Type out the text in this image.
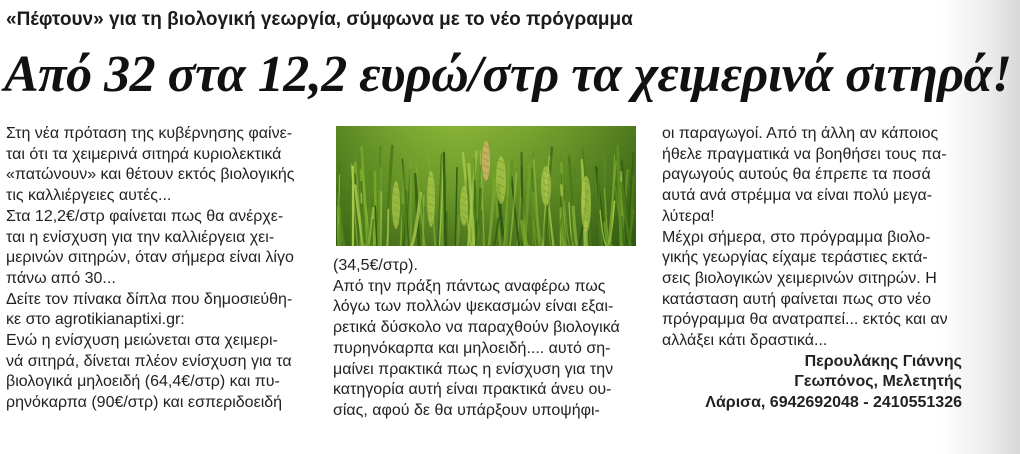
«Πέφτουν» για τη βιολογική γεωργία, σύμφωνα με το νέο πρόγραμμα
Από 32 στα 12,2 ευρώ/στρ τα χειμερινά σιτηρά!

Στη νέα πρόταση της κυβέρνησης φαίνε-

ται ότι τα χειμερινά σιτηρά κυριολεκτικά

«πατώνουν» και θέτουν εκτός βιολογικής

τις καλλιέργειες αυτές...

Στα 12,2€/στρ φαίνεται πως θα ανέρχε-

ται η ενίσχυση για την καλλιέργεια χει-

μερινών σιτηρών, όταν σήμερα είναι λίγο

πάνω από 30...

Δείτε τον πίνακα δίπλα που δημοσιεύθη-

κε στο agrotikianaptixi.gr:

Ενώ η ενίσχυση μειώνεται στα χειμερι-

νά σιτηρά, δίνεται πλέον ενίσχυση για τα

βιολογικά μηλοειδή (64,4€/στρ) και πυ-

ρηνόκαρπα (90€/στρ) και εσπεριδοειδή

(34,5€/στρ).

Από την πράξη πάντως αναφέρω πως

λόγω των πολλών ψεκασμών είναι εξαι-

ρετικά δύσκολο να παραχθούν βιολογικά

πυρηνόκαρπα και μηλοειδή.... αυτό ση-

μαίνει πρακτικά πως η ενίσχυση για την

κατηγορία αυτή είναι πρακτικά άνευ ου-

σίας, αφού δε θα υπάρξουν υποψήφι-

οι παραγωγοί. Από τη άλλη αν κάποιος

ήθελε πραγματικά να βοηθήσει τους πα-

ραγωγούς αυτούς θα έπρεπε τα ποσά

αυτά ανά στρέμμα να είναι πολύ μεγα-

λύτερα!

Μέχρι σήμερα, στο πρόγραμμα βιολο-

γικής γεωργίας είχαμε τεράστιες εκτά-

σεις βιολογικών χειμερινών σιτηρών. Η

κατάσταση αυτή φαίνεται πως στο νέο

πρόγραμμα θα ανατραπεί... εκτός και αν

αλλάξει κάτι δραστικά...

Περουλάκης Γιάννης

Γεωπόνος, Μελετητής

Λάρισα, 6942692048 - 2410551326
